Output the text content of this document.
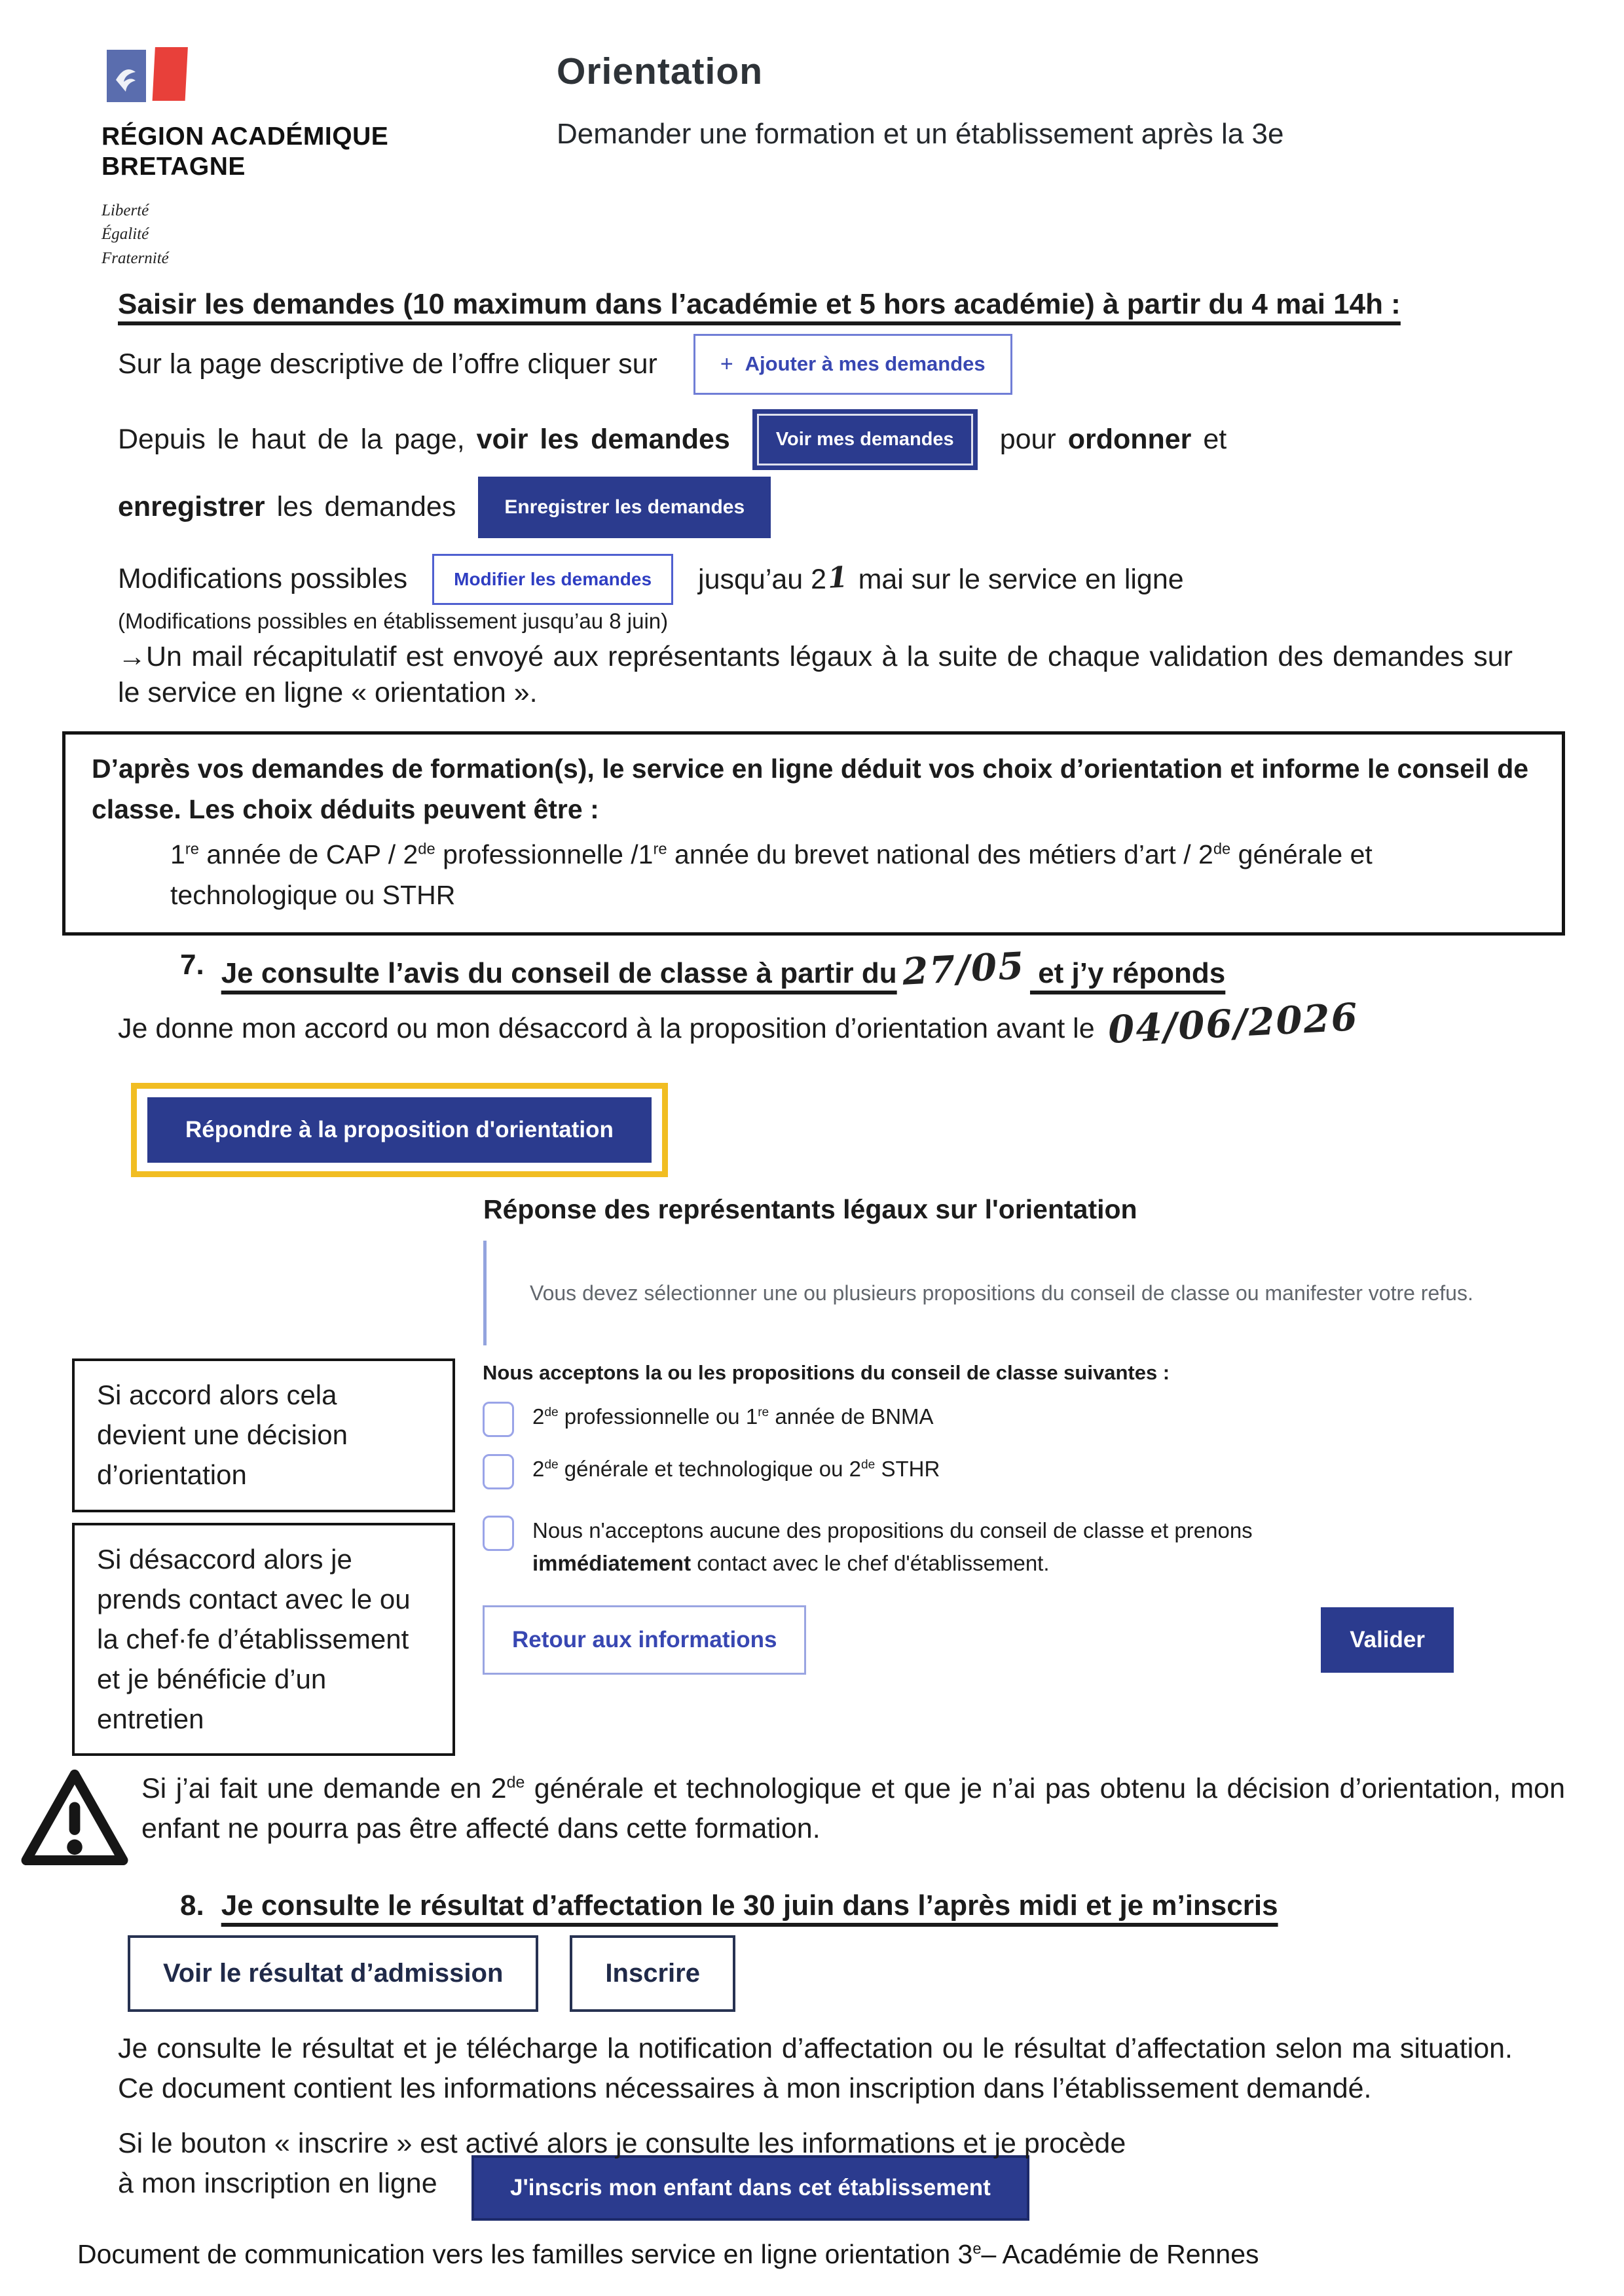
RÉGION ACADÉMIQUE
BRETAGNE
Liberté
Égalité
Fraternité
Orientation
Demander une formation et un établissement après la 3e
Saisir les demandes (10 maximum dans l’académie et 5 hors académie) à partir du 4 mai 14h :
Sur la page descriptive de l’offre cliquer sur	+ Ajouter à mes demandes
Depuis le haut de la page, voir les demandes	Voir mes demandes	pour ordonner et
enregistrer les demandes	Enregistrer les demandes
Modifications possibles	Modifier les demandes	jusqu’au 21 mai sur le service en ligne
(Modifications possibles en établissement jusqu’au 8 juin)

→Un mail récapitulatif est envoyé aux représentants légaux à la suite de chaque validation des demandes sur le service en ligne « orientation ».

D’après vos demandes de formation(s), le service en ligne déduit vos choix d’orientation et informe le conseil de classe. Les choix déduits peuvent être :

1re année de CAP / 2de professionnelle /1re année du brevet national des métiers d’art / 2de générale et technologique ou STHR
7. Je consulte l’avis du conseil de classe à partir du 27/05 et j’y réponds

Je donne mon accord ou mon désaccord à la proposition d’orientation avant le 04/06/2026

Répondre à la proposition d'orientation
Réponse des représentants légaux sur l'orientation

Vous devez sélectionner une ou plusieurs propositions du conseil de classe ou manifester votre refus.

Si accord alors cela devient une décision d’orientation
Si désaccord alors je prends contact avec le ou la chef·fe d’établissement et je bénéficie d’un entretien

Nous acceptons la ou les propositions du conseil de classe suivantes :

2de professionnelle ou 1re année de BNMA
2de générale et technologique ou 2de STHR
Nous n'acceptons aucune des propositions du conseil de classe et prenons immédiatement contact avec le chef d'établissement.
Retour aux informations	Valider

Si j’ai fait une demande en 2de générale et technologique et que je n’ai pas obtenu la décision d’orientation, mon enfant ne pourra pas être affecté dans cette formation.

8. Je consulte le résultat d’affectation le 30 juin dans l’après midi et je m’inscris
Voir le résultat d’admission	Inscrire

Je consulte le résultat et je télécharge la notification d’affectation ou le résultat d’affectation selon ma situation. Ce document contient les informations nécessaires à mon inscription dans l’établissement demandé.

Si le bouton « inscrire » est activé alors je consulte les informations et je procède à mon inscription en ligne	J'inscris mon enfant dans cet établissement
Document de communication vers les familles service en ligne orientation 3e– Académie de Rennes
